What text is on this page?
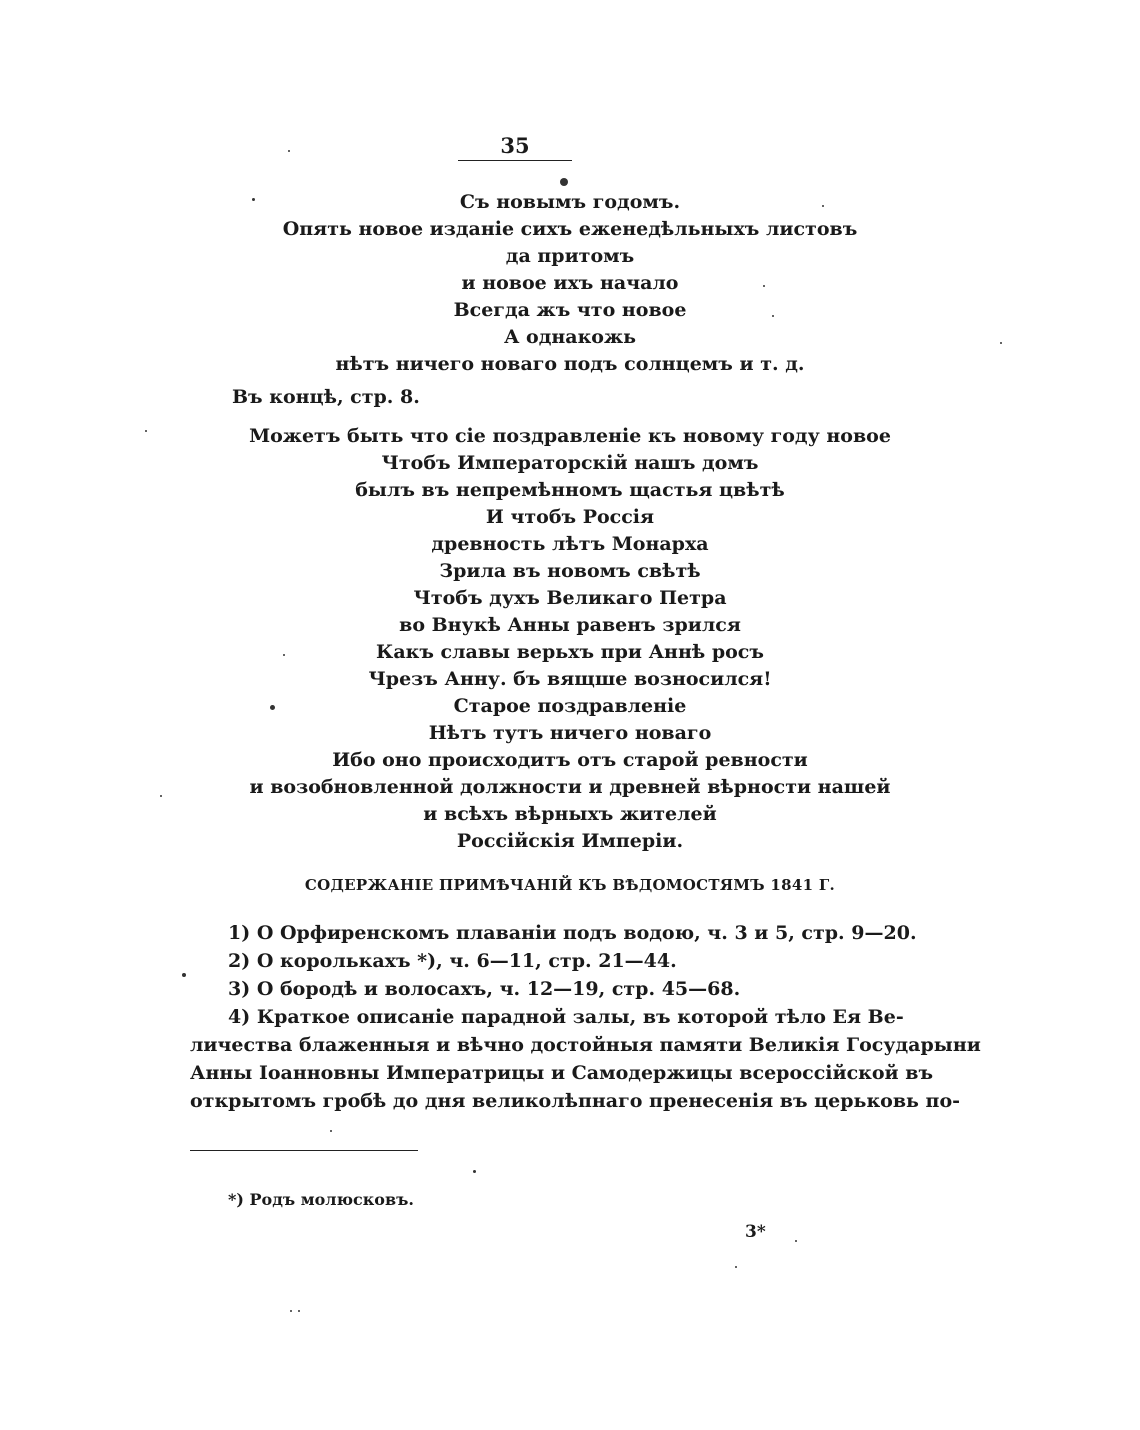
35
Съ новымъ годомъ.
Опять новое изданіе сихъ еженедѣльныхъ листовъ
да притомъ
и новое ихъ начало
Всегда жъ что новое
А однакожь
нѣтъ ничего новаго подъ солнцемъ и т. д.
Въ концѣ, стр. 8.
Можетъ быть что сіе поздравленіе къ новому году новое
Чтобъ Императорскій нашъ домъ
былъ въ непремѣнномъ щастья цвѣтѣ
И чтобъ Россія
древность лѣтъ Монарха
Зрила въ новомъ свѣтѣ
Чтобъ духъ Великаго Петра
во Внукѣ Анны равенъ зрился
Какъ славы верьхъ при Аннѣ росъ
Чрезъ Анну. бъ вящше возносился!
Старое поздравленіе
Нѣтъ тутъ ничего новаго
Ибо оно происходитъ отъ старой ревности
и возобновленной должности и древней вѣрности нашей
и всѣхъ вѣрныхъ жителей
Россійскія Имперіи.
СОДЕРЖАНІЕ ПРИМѢЧАНІЙ КЪ ВѢДОМОСТЯМЪ 1841 Г.
1) О Орфиренскомъ плаваніи подъ водою, ч. 3 и 5, стр. 9—20.
2) О королькахъ *), ч. 6—11, стр. 21—44.
3) О бородѣ и волосахъ, ч. 12—19, стр. 45—68.
4) Краткое описаніе парадной залы, въ которой тѣло Ея Ве-
личества блаженныя и вѣчно достойныя памяти Великія Государыни
Анны Іоанновны Императрицы и Самодержицы всероссійской въ
открытомъ гробѣ до дня великолѣпнаго пренесенія въ церьковь по-
*) Родъ молюсковъ.
3*
